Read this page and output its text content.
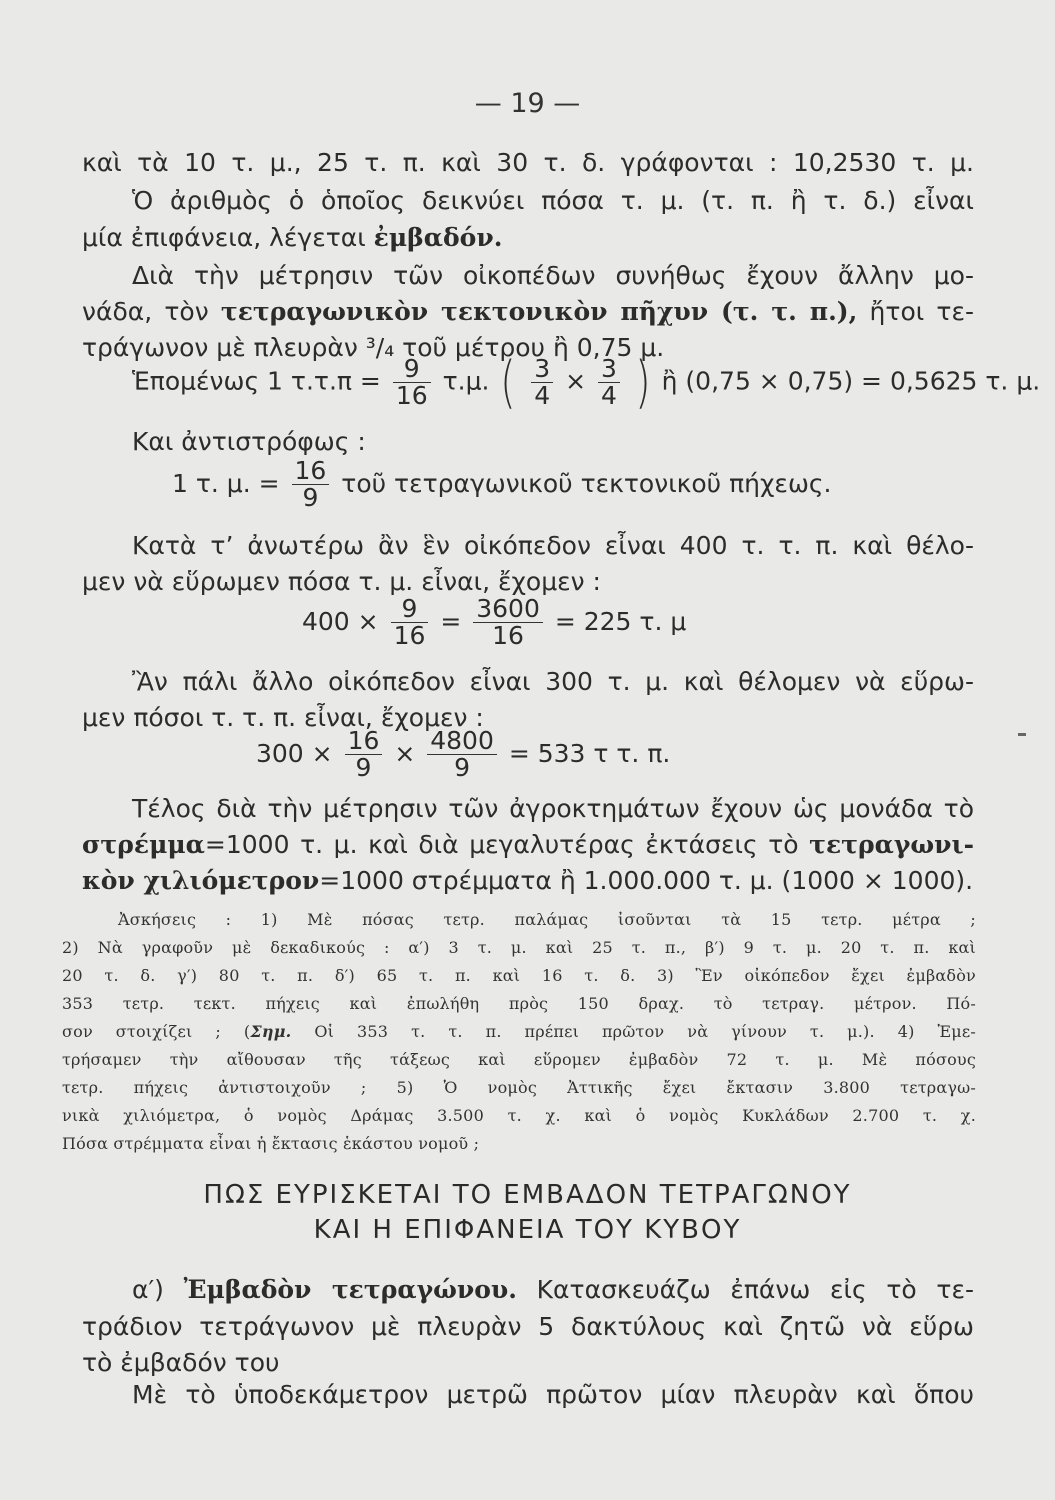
— 19 —
καὶ τὰ 10 τ. μ., 25 τ. π. καὶ 30 τ. δ. γράφονται : 10,2530 τ. μ.
Ὁ ἀριθμὸς ὁ ὁποῖος δεικνύει πόσα τ. μ. (τ. π. ἢ τ. δ.) εἶναι
μία ἐπιφάνεια, λέγεται ἐμβαδόν.
Διὰ τὴν μέτρησιν τῶν οἰκοπέδων συνήθως ἔχουν ἄλλην μο-
νάδα, τὸν τετραγωνικὸν τεκτονικὸν πῆχυν (τ. τ. π.), ἤτοι τε-
τράγωνον μὲ πλευρὰν ³/₄ τοῦ μέτρου ἢ 0,75 μ.
Ἑπομένως 1 $\tau.\tau.\pi = \frac{9}{16} \tau.\mu$. ( $\frac{3}{4} \times \frac{3}{4}$ ) ἢ (0,75 × 0,75) = 0,5625 τ. μ.
Και ἀντιστρόφως :
1 τ. μ. = $\frac{16}{9}$ τοῦ τετραγωνικοῦ τεκτονικοῦ πήχεως.
Κατὰ τ’ ἀνωτέρω ἂν ἓν οἰκόπεδον εἶναι 400 τ. τ. π. καὶ θέλο-
μεν νὰ εὕρωμεν πόσα τ. μ. εἶναι, ἔχομεν :
$400 \times \frac{9}{16} = \frac{3600}{16} = 225$ τ. μ
Ἂν πάλι ἄλλο οἰκόπεδον εἶναι 300 τ. μ. καὶ θέλομεν νὰ εὕρω-
μεν πόσοι τ. τ. π. εἶναι, ἔχομεν :
$300 \times \frac{16}{9} \times \frac{4800}{9} = 533$ τ τ. π.
Τέλος διὰ τὴν μέτρησιν τῶν ἀγροκτημάτων ἔχουν ὡς μονάδα τὸ
στρέμμα=1000 τ. μ. καὶ διὰ μεγαλυτέρας ἐκτάσεις τὸ τετραγωνι-
κὸν χιλιόμετρον=1000 στρέμματα ἢ 1.000.000 τ. μ. (1000 × 1000).
Ἀσκήσεις : 1) Μὲ πόσας τετρ. παλάμας ἰσοῦνται τὰ 15 τετρ. μέτρα ;
2) Νὰ γραφοῦν μὲ δεκαδικούς : α′) 3 τ. μ. καὶ 25 τ. π., β′) 9 τ. μ. 20 τ. π. καὶ
20 τ. δ. γ′) 80 τ. π. δ′) 65 τ. π. καὶ 16 τ. δ. 3) Ἓν οἰκόπεδον ἔχει ἐμβαδὸν
353 τετρ. τεκτ. πήχεις καὶ ἐπωλήθη πρὸς 150 δραχ. τὸ τετραγ. μέτρον. Πό-
σον στοιχίζει ; (Σημ. Οἱ 353 τ. τ. π. πρέπει πρῶτον νὰ γίνουν τ. μ.). 4) Ἐμε-
τρήσαμεν τὴν αἴθουσαν τῆς τάξεως καὶ εὕρομεν ἐμβαδὸν 72 τ. μ. Μὲ πόσους
τετρ. πήχεις ἀντιστοιχοῦν ; 5) Ὁ νομὸς Ἀττικῆς ἔχει ἔκτασιν 3.800 τετραγω-
νικὰ χιλιόμετρα, ὁ νομὸς Δράμας 3.500 τ. χ. καὶ ὁ νομὸς Κυκλάδων 2.700 τ. χ.
Πόσα στρέμματα εἶναι ἡ ἔκτασις ἑκάστου νομοῦ ;
ΠΩΣ ΕΥΡΙΣΚΕΤΑΙ ΤΟ ΕΜΒΑΔΟΝ ΤΕΤΡΑΓΩΝΟΥ
ΚΑΙ Η ΕΠΙΦΑΝΕΙΑ ΤΟΥ ΚΥΒΟΥ
α′) Ἐμβαδὸν τετραγώνου. Κατασκευάζω ἐπάνω εἰς τὸ τε-
τράδιον τετράγωνον μὲ πλευρὰν 5 δακτύλους καὶ ζητῶ νὰ εὕρω
τὸ ἐμβαδόν του
Μὲ τὸ ὑποδεκάμετρον μετρῶ πρῶτον μίαν πλευρὰν καὶ ὅπου
